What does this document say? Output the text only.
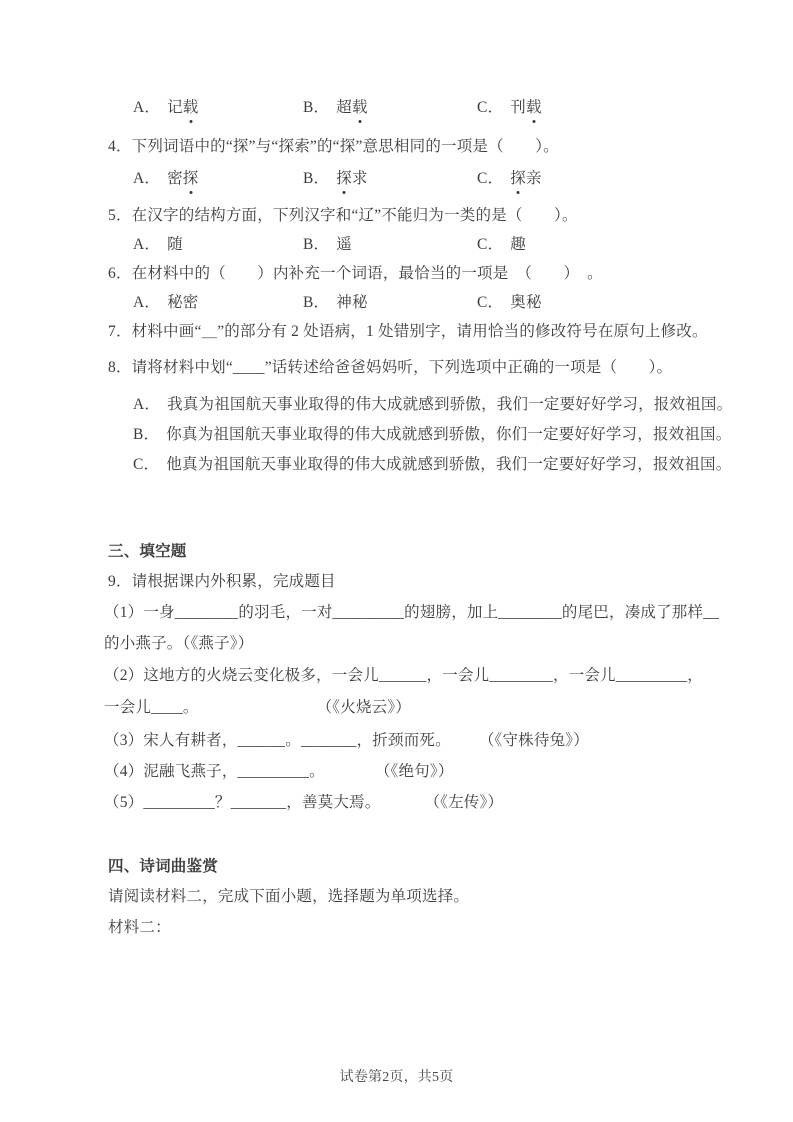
A． 记载	B． 超载	C． 刊载

4．下列词语中的“探”与“探索”的“探”意思相同的一项是（　　）。

A． 密探	B． 探求	C． 探亲

5．在汉字的结构方面，下列汉字和“辽”不能归为一类的是（　　）。

A． 随	B． 遥	C． 趣

6．在材料中的（　　）内补充一个词语，最恰当的一项是　（　　）　。

A． 秘密	B． 神秘	C． 奥秘

7．材料中画“＿”的部分有 2 处语病，1 处错别字，请用恰当的修改符号在原句上修改。

8．请将材料中划“____”话转述给爸爸妈妈听，下列选项中正确的一项是（　　）。

A． 我真为祖国航天事业取得的伟大成就感到骄傲，我们一定要好好学习，报效祖国。

B． 你真为祖国航天事业取得的伟大成就感到骄傲，你们一定要好好学习，报效祖国。

C． 他真为祖国航天事业取得的伟大成就感到骄傲，我们一定要好好学习，报效祖国。

三、填空题

9．请根据课内外积累，完成题目

（1）一身________的羽毛，一对_________的翅膀，加上________的尾巴，凑成了那样__

的小燕子。（《燕子》）

（2）这地方的火烧云变化极多，一会儿______，一会儿________，一会儿_________，

一会儿____。	（《火烧云》）

（3）宋人有耕者，______。_______，折颈而死。 （《守株待兔》）

（4）泥融飞燕子，_________。	（《绝句》）

（5）_________？_______，善莫大焉。	（《左传》）

四、诗词曲鉴赏

请阅读材料二，完成下面小题，选择题为单项选择。

材料二：

试卷第2页，共5页
